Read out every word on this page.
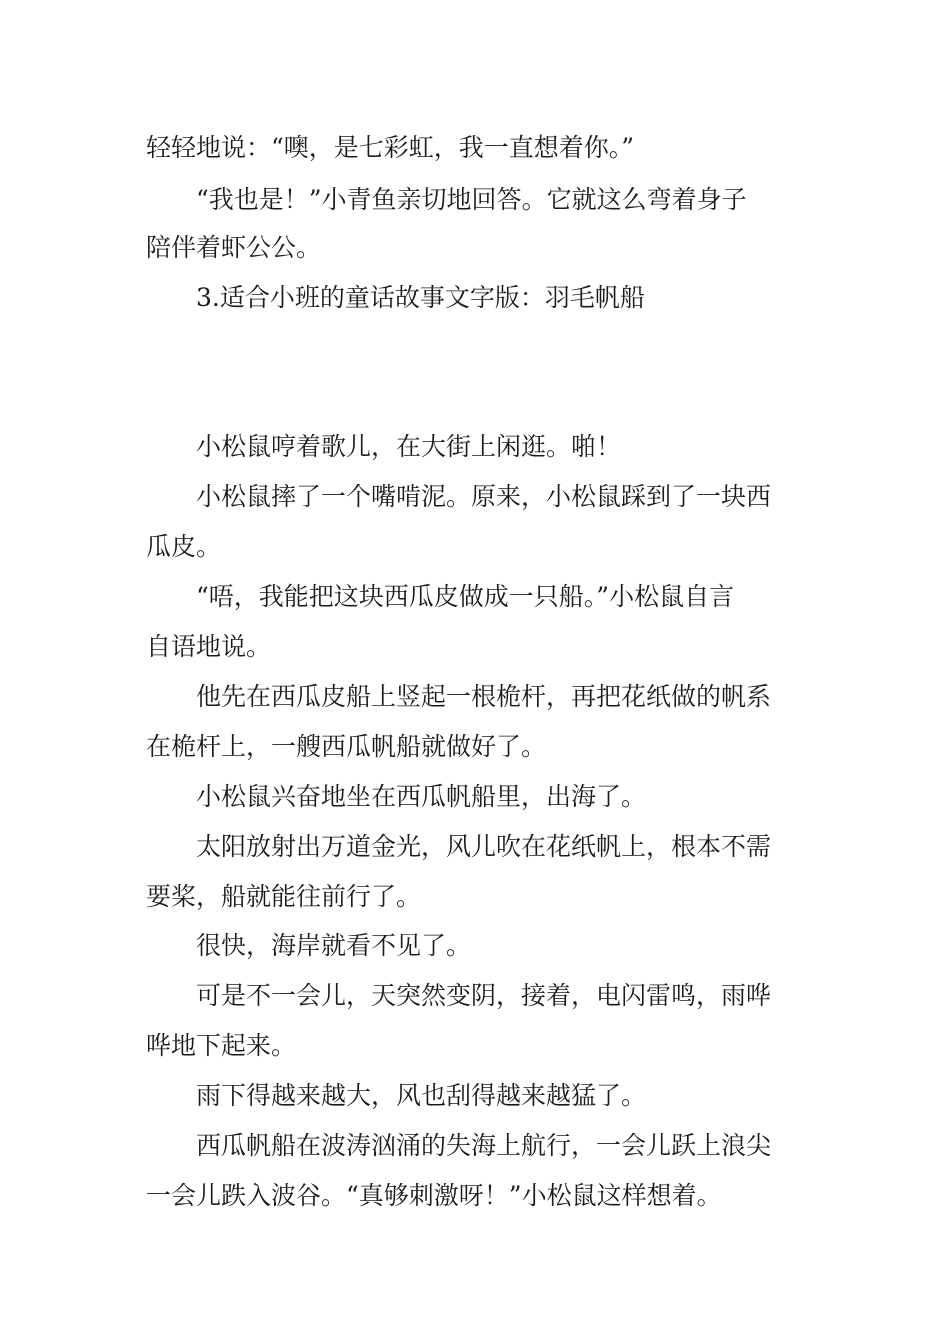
轻轻地说：“噢，是七彩虹，我一直想着你。”

“我也是！”小青鱼亲切地回答。它就这么弯着身子

陪伴着虾公公。

3.适合小班的童话故事文字版：羽毛帆船

小松鼠哼着歌儿，在大街上闲逛。啪！

小松鼠摔了一个嘴啃泥。原来，小松鼠踩到了一块西

瓜皮。

“唔，我能把这块西瓜皮做成一只船。”小松鼠自言

自语地说。

他先在西瓜皮船上竖起一根桅杆，再把花纸做的帆系

在桅杆上，一艘西瓜帆船就做好了。

小松鼠兴奋地坐在西瓜帆船里，出海了。

太阳放射出万道金光，风儿吹在花纸帆上，根本不需

要桨，船就能往前行了。

很快，海岸就看不见了。

可是不一会儿，天突然变阴，接着，电闪雷鸣，雨哗

哗地下起来。

雨下得越来越大，风也刮得越来越猛了。

西瓜帆船在波涛汹涌的失海上航行，一会儿跃上浪尖

一会儿跌入波谷。“真够刺激呀！”小松鼠这样想着。
